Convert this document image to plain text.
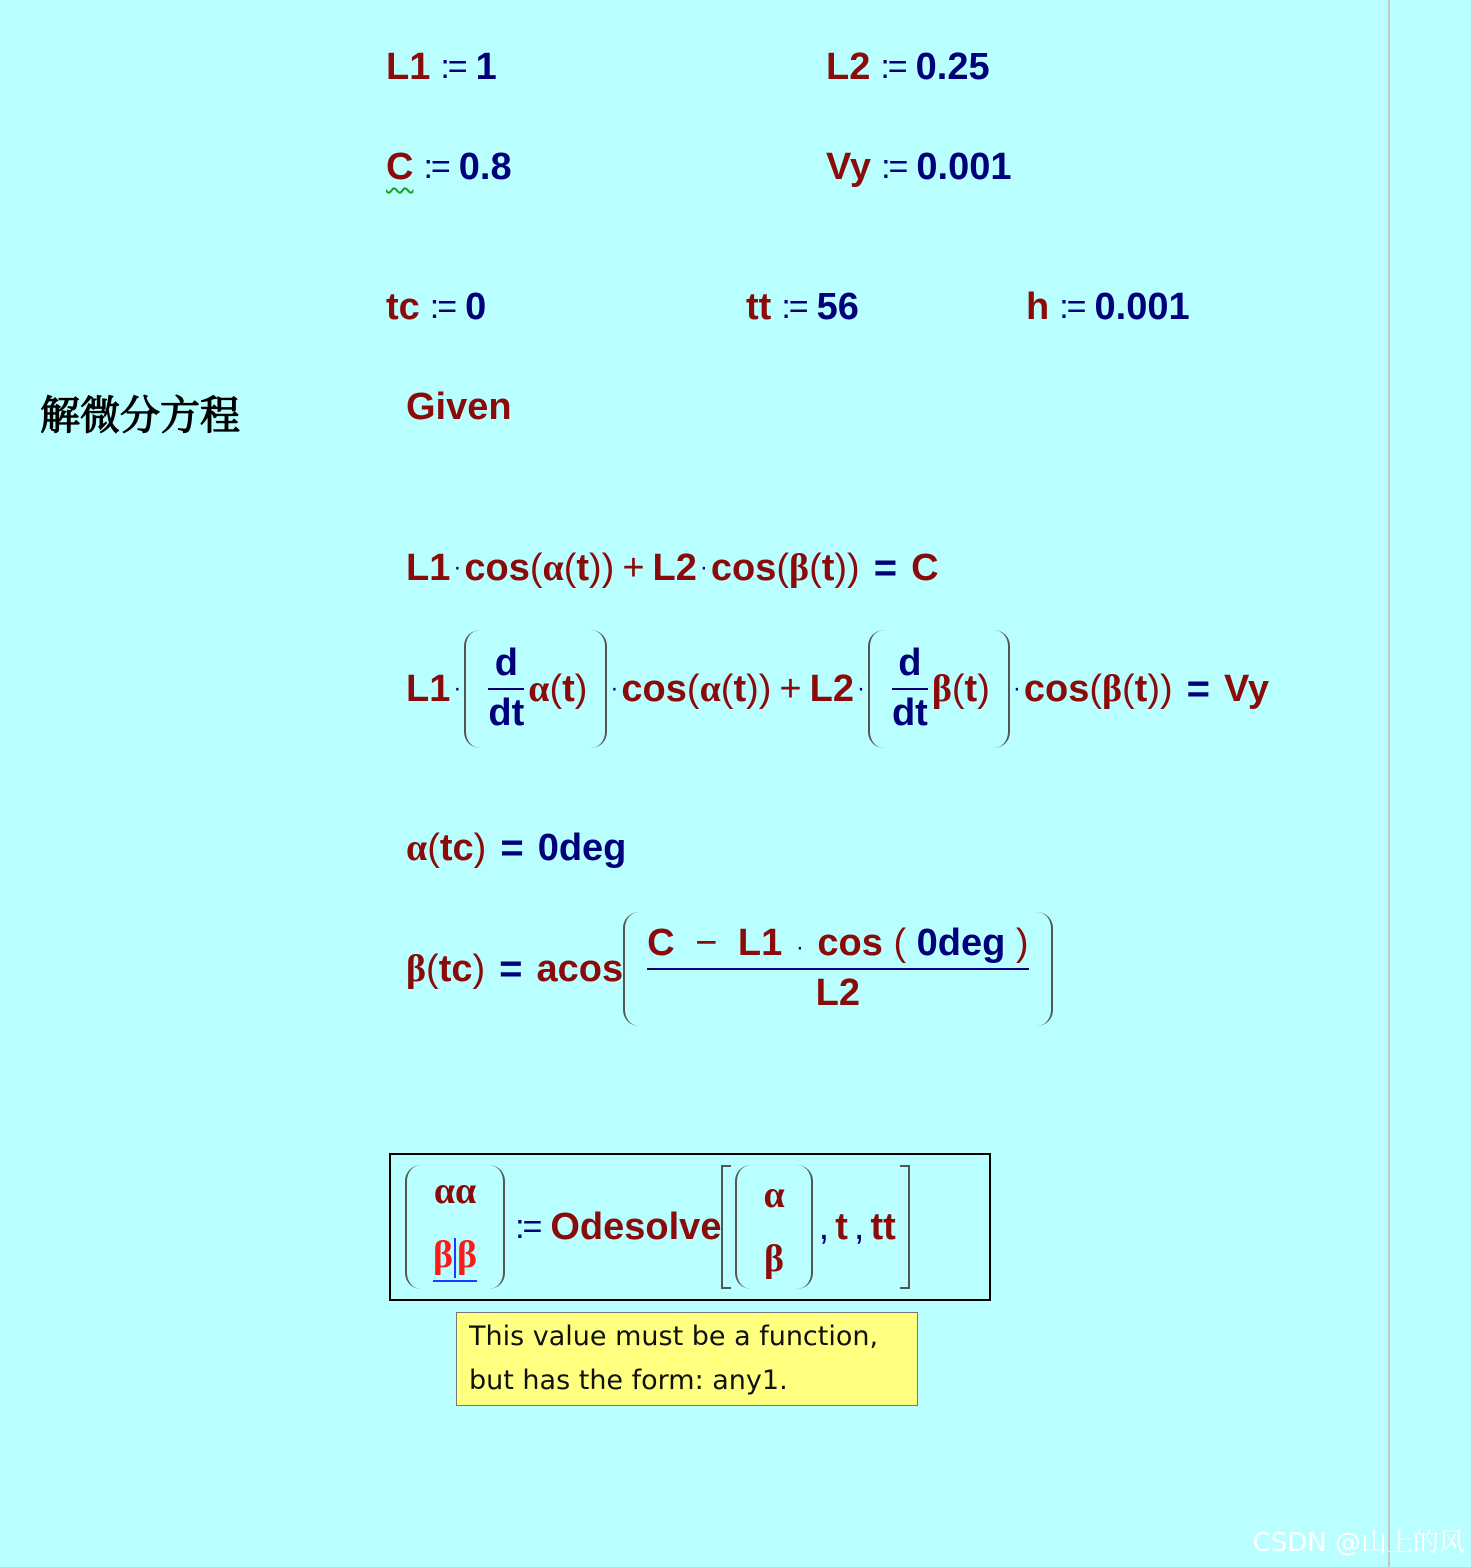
L1 := 1	L2 := 0.25
C := 0.8	Vy := 0.001
tc := 0	tt := 56	h := 0.001
解微分方程	Given
L1 · cos ( α ( t )) + L2 · cos ( β ( t )) = C
$L1 \cdot \frac{d}{dt}$ α ( t ) · cos ( α ( t )) + $L2 \cdot \frac{d}{dt}$ β ( t ) · cos ( β ( t )) = Vy
α ( tc ) = 0deg
β ( tc ) = acos
C − L1 · cos ( 0deg )
L2
αα
β β
:= Odesolve
α
β
, t , tt
This value must be a function,
but has the form: any1.
CSDN @山上的风
